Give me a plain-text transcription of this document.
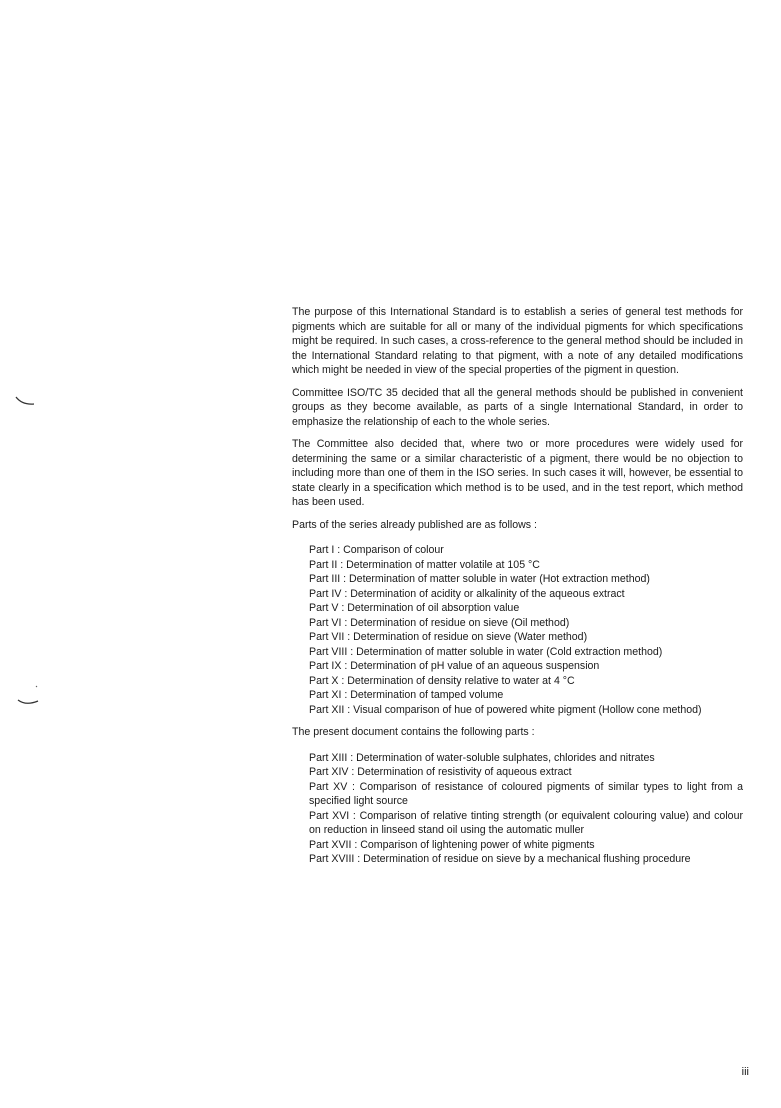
The purpose of this International Standard is to establish a series of general test methods for pigments which are suitable for all or many of the individual pigments for which specifications might be required. In such cases, a cross-reference to the general method should be included in the International Standard relating to that pigment, with a note of any detailed modifications which might be needed in view of the special properties of the pigment in question.

Committee ISO/TC 35 decided that all the general methods should be published in convenient groups as they become available, as parts of a single International Standard, in order to emphasize the relationship of each to the whole series.

The Committee also decided that, where two or more procedures were widely used for determining the same or a similar characteristic of a pigment, there would be no objection to including more than one of them in the ISO series. In such cases it will, however, be essential to state clearly in a specification which method is to be used, and in the test report, which method has been used.

Parts of the series already published are as follows :

Part I : Comparison of colour
Part II : Determination of matter volatile at 105 °C
Part III : Determination of matter soluble in water (Hot extraction method)
Part IV : Determination of acidity or alkalinity of the aqueous extract
Part V : Determination of oil absorption value
Part VI : Determination of residue on sieve (Oil method)
Part VII : Determination of residue on sieve (Water method)
Part VIII : Determination of matter soluble in water (Cold extraction method)
Part IX : Determination of pH value of an aqueous suspension
Part X : Determination of density relative to water at 4 °C
Part XI : Determination of tamped volume
Part XII : Visual comparison of hue of powered white pigment (Hollow cone method)

The present document contains the following parts :

Part XIII : Determination of water-soluble sulphates, chlorides and nitrates
Part XIV : Determination of resistivity of aqueous extract
Part XV : Comparison of resistance of coloured pigments of similar types to light from a specified light source
Part XVI : Comparison of relative tinting strength (or equivalent colouring value) and colour on reduction in linseed stand oil using the automatic muller
Part XVII : Comparison of lightening power of white pigments
Part XVIII : Determination of residue on sieve by a mechanical flushing procedure
iii
